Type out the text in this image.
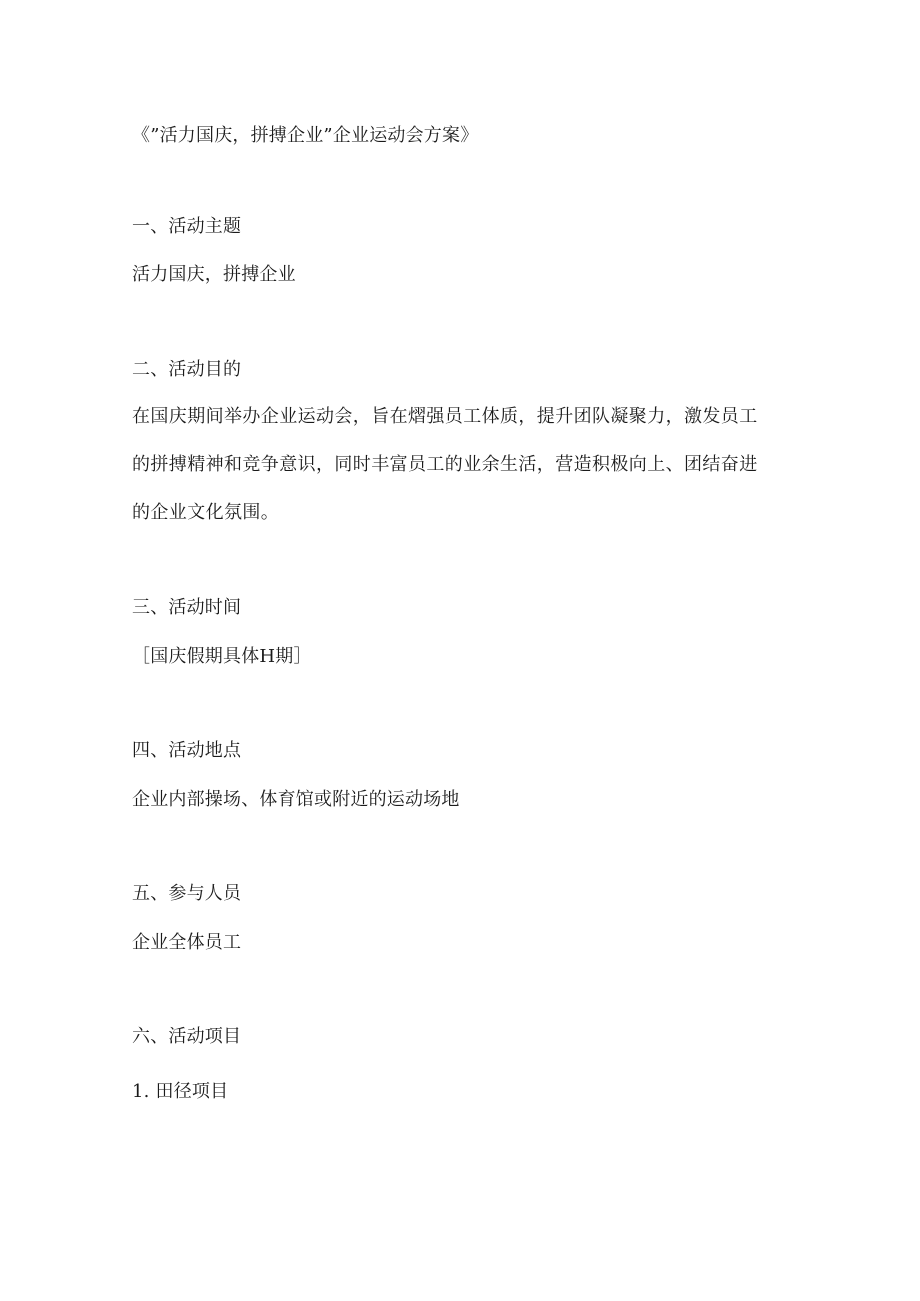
《”活力国庆，拼搏企业”企业运动会方案》
一、活动主题
活力国庆，拼搏企业
二、活动目的
在国庆期间举办企业运动会，旨在熠强员工体质，提升团队凝聚力，激发员工的拼搏精神和竞争意识，同时丰富员工的业余生活，营造积极向上、团结奋进的企业文化氛围。
三、活动时间
［国庆假期具体H期］
四、活动地点
企业内部操场、体育馆或附近的运动场地
五、参与人员
企业全体员工
六、活动项目
1. 田径项目
